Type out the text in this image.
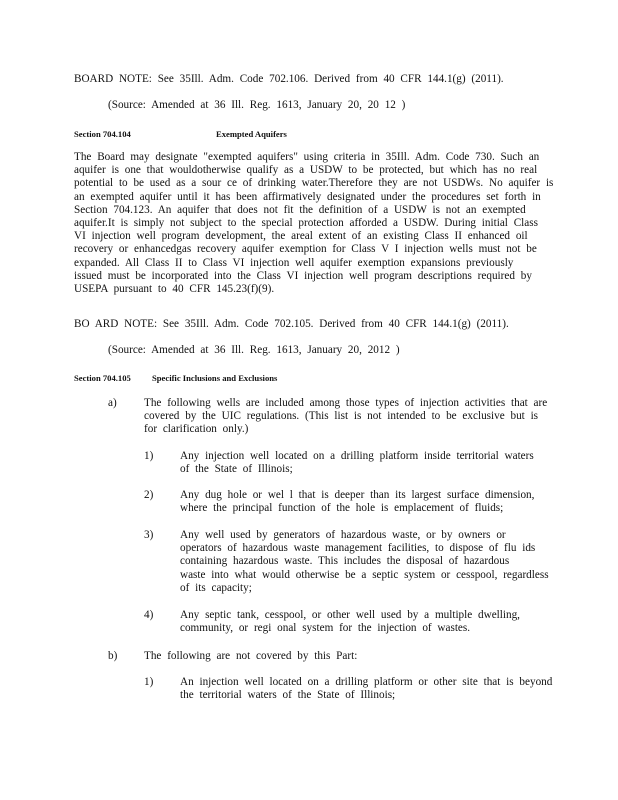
BOARD NOTE: See 35Ill. Adm. Code 702.106. Derived from 40 CFR 144.1(g) (2011).

(Source: Amended at 36 Ill. Reg. 1613, January 20, 20 12 )

Section 704.104	Exempted Aquifers
The Board may designate "exempted aquifers" using criteria in 35Ill. Adm. Code 730. Such an
aquifer is one that wouldotherwise qualify as a USDW to be protected, but which has no real
potential to be used as a sour ce of drinking water.Therefore they are not USDWs. No aquifer is
an exempted aquifer until it has been affirmatively designated under the procedures set forth in
Section 704.123. An aquifer that does not fit the definition of a USDW is not an exempted
aquifer.It is simply not subject to the special protection afforded a USDW. During initial Class
VI injection well program development, the areal extent of an existing Class II enhanced oil
recovery or enhancedgas recovery aquifer exemption for Class V I injection wells must not be
expanded. All Class II to Class VI injection well aquifer exemption expansions previously
issued must be incorporated into the Class VI injection well program descriptions required by
USEPA pursuant to 40 CFR 145.23(f)(9).

BO ARD NOTE: See 35Ill. Adm. Code 702.105. Derived from 40 CFR 144.1(g) (2011).

(Source: Amended at 36 Ill. Reg. 1613, January 20, 2012 )

Section 704.105 Specific Inclusions and Exclusions
a) The following wells are included among those types of injection activities that are
covered by the UIC regulations. (This list is not intended to be exclusive but is
for clarification only.)
1) Any injection well located on a drilling platform inside territorial waters
of the State of Illinois;
2) Any dug hole or wel l that is deeper than its largest surface dimension,
where the principal function of the hole is emplacement of fluids;
3) Any well used by generators of hazardous waste, or by owners or
operators of hazardous waste management facilities, to dispose of flu ids
containing hazardous waste. This includes the disposal of hazardous
waste into what would otherwise be a septic system or cesspool, regardless
of its capacity;
4) Any septic tank, cesspool, or other well used by a multiple dwelling,
community, or regi onal system for the injection of wastes.
b) The following are not covered by this Part:
1) An injection well located on a drilling platform or other site that is beyond
the territorial waters of the State of Illinois;
